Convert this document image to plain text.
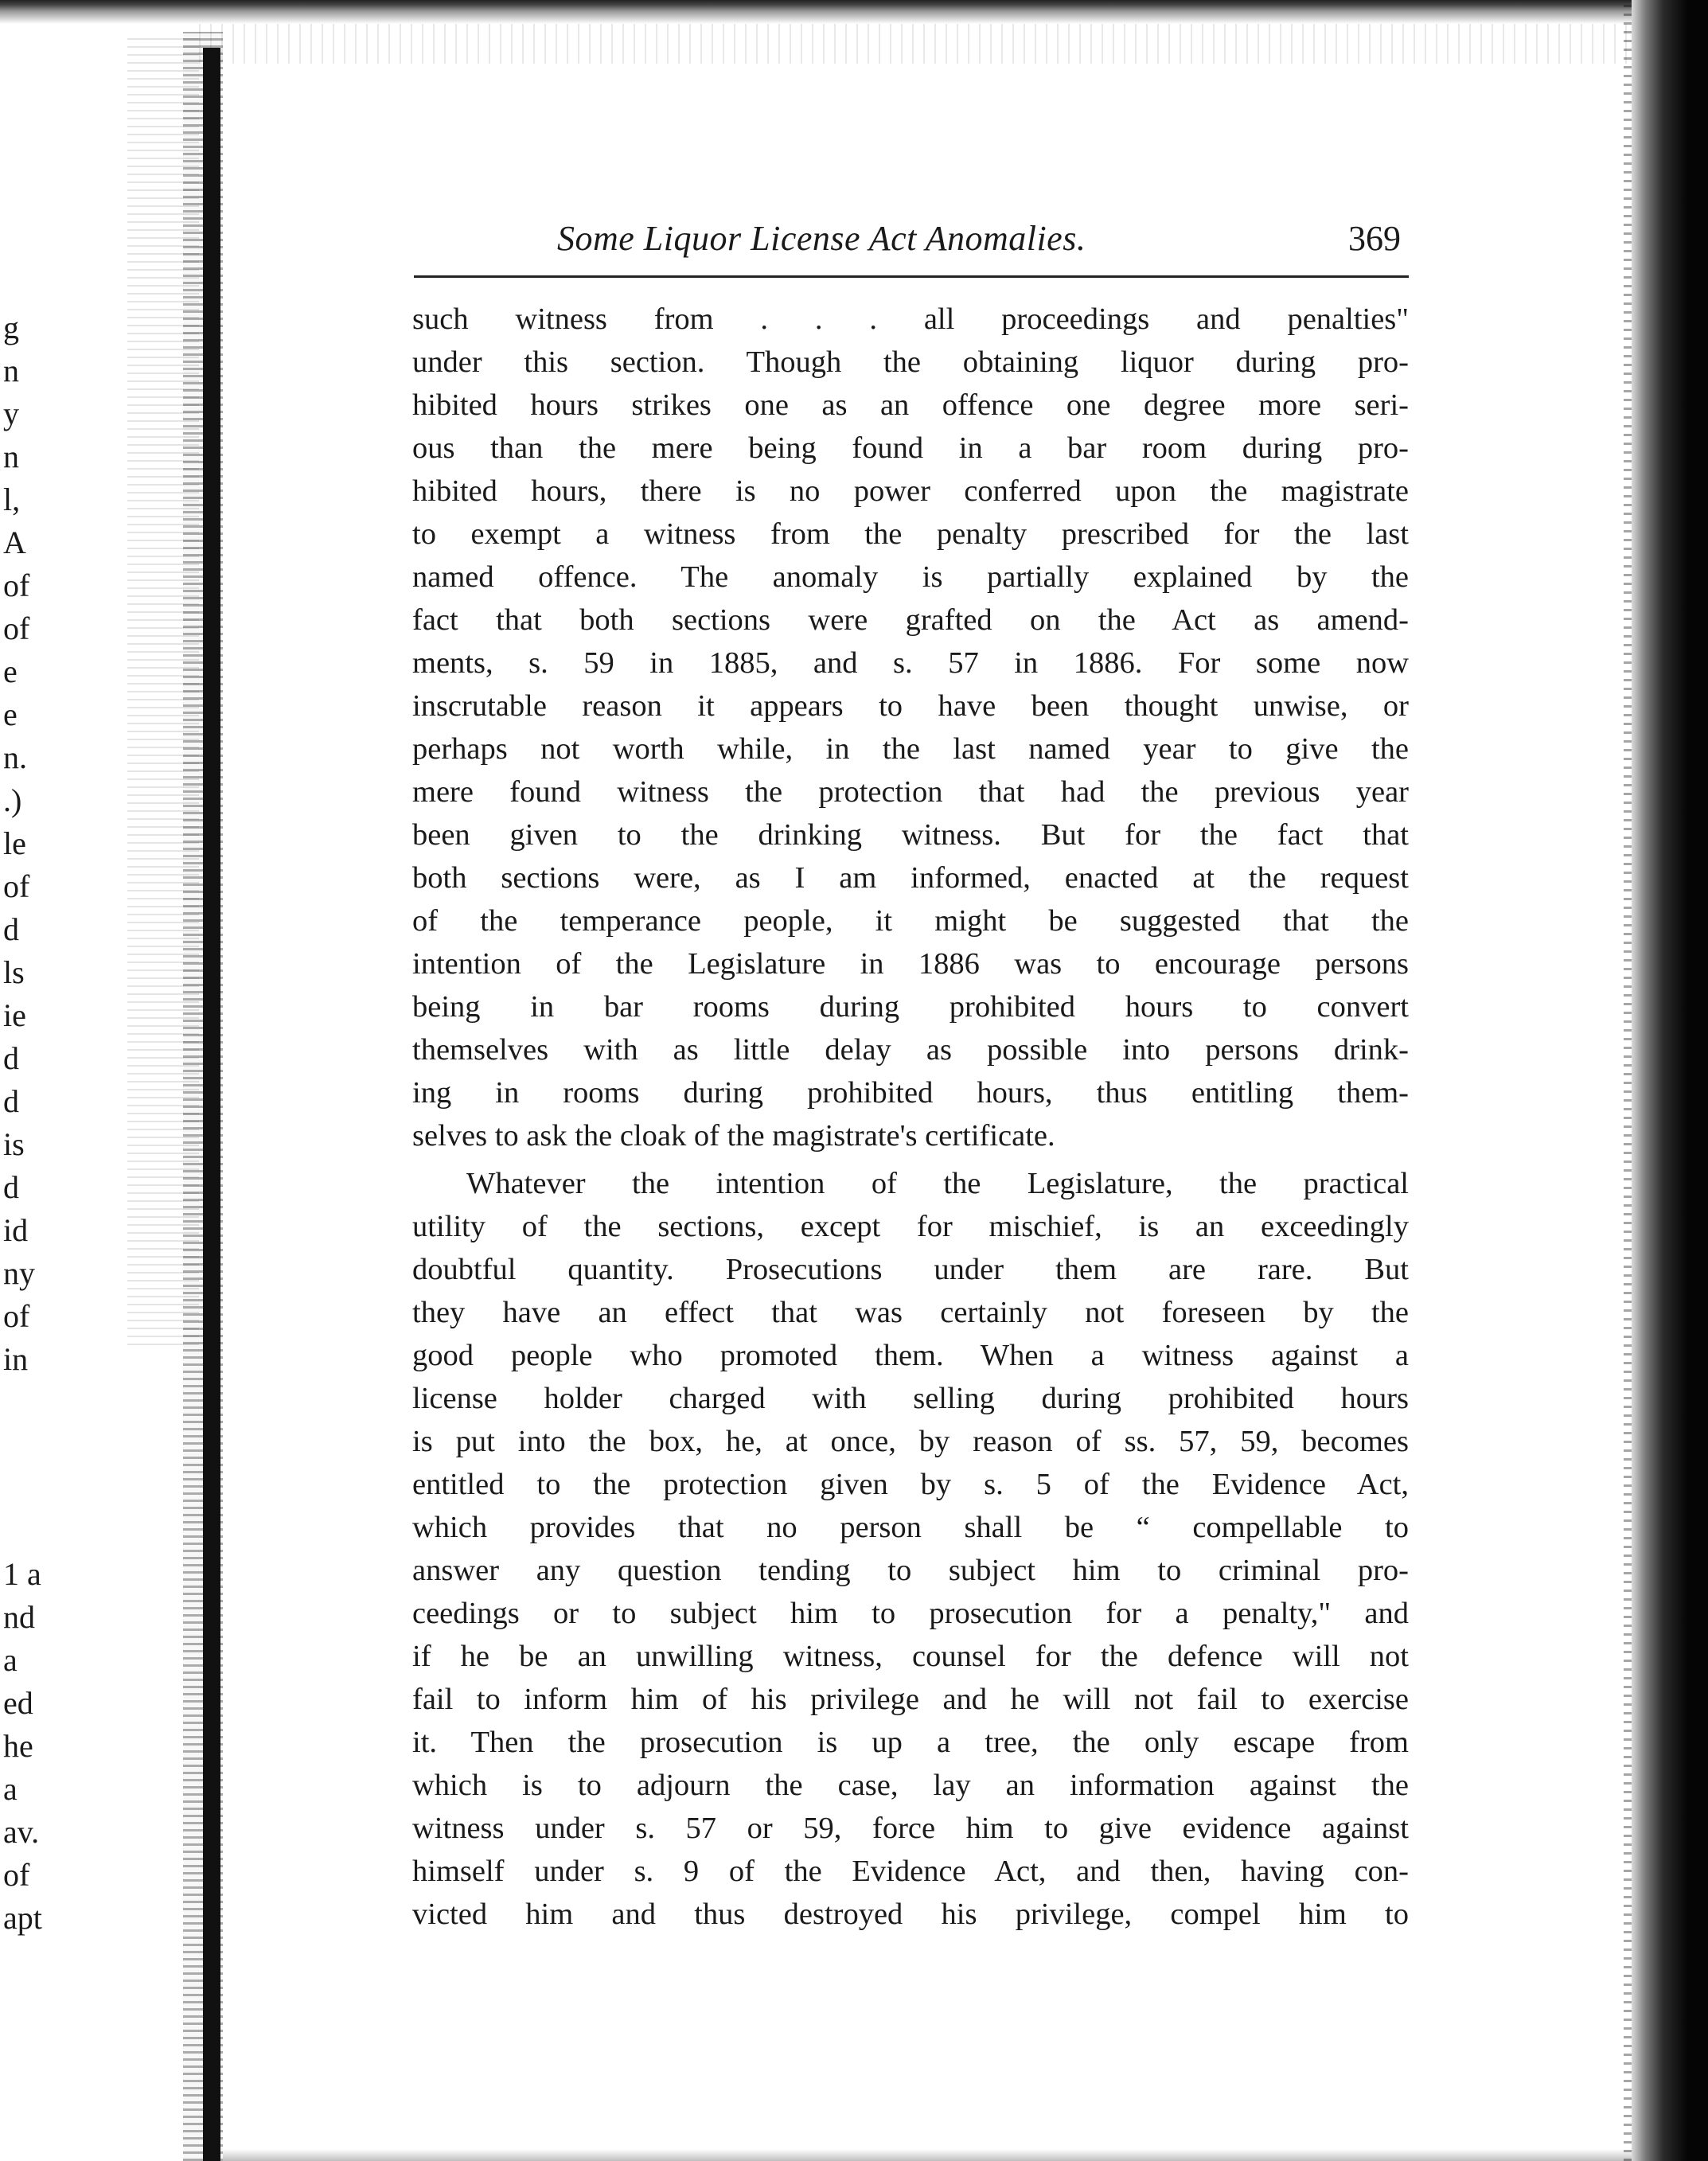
g
n
y
n
l,
A
of
of
e
e
n.
.)
le
of
d
ls
ie
d
d
is
d
id
ny
of
in
1 a
nd
a
ed
he
a
av.
of
apt
Some Liquor License Act Anomalies.	369
such witness from . . . all proceedings and penalties"
under this section. Though the obtaining liquor during pro-
hibited hours strikes one as an offence one degree more seri-
ous than the mere being found in a bar room during pro-
hibited hours, there is no power conferred upon the magistrate
to exempt a witness from the penalty prescribed for the last
named offence. The anomaly is partially explained by the
fact that both sections were grafted on the Act as amend-
ments, s. 59 in 1885, and s. 57 in 1886. For some now
inscrutable reason it appears to have been thought unwise, or
perhaps not worth while, in the last named year to give the
mere found witness the protection that had the previous year
been given to the drinking witness. But for the fact that
both sections were, as I am informed, enacted at the request
of the temperance people, it might be suggested that the
intention of the Legislature in 1886 was to encourage persons
being in bar rooms during prohibited hours to convert
themselves with as little delay as possible into persons drink-
ing in rooms during prohibited hours, thus entitling them-
selves to ask the cloak of the magistrate's certificate.
Whatever the intention of the Legislature, the practical
utility of the sections, except for mischief, is an exceedingly
doubtful quantity. Prosecutions under them are rare. But
they have an effect that was certainly not foreseen by the
good people who promoted them. When a witness against a
license holder charged with selling during prohibited hours
is put into the box, he, at once, by reason of ss. 57, 59, becomes
entitled to the protection given by s. 5 of the Evidence Act,
which provides that no person shall be “ compellable to
answer any question tending to subject him to criminal pro-
ceedings or to subject him to prosecution for a penalty," and
if he be an unwilling witness, counsel for the defence will not
fail to inform him of his privilege and he will not fail to exercise
it. Then the prosecution is up a tree, the only escape from
which is to adjourn the case, lay an information against the
witness under s. 57 or 59, force him to give evidence against
himself under s. 9 of the Evidence Act, and then, having con-
victed him and thus destroyed his privilege, compel him to
